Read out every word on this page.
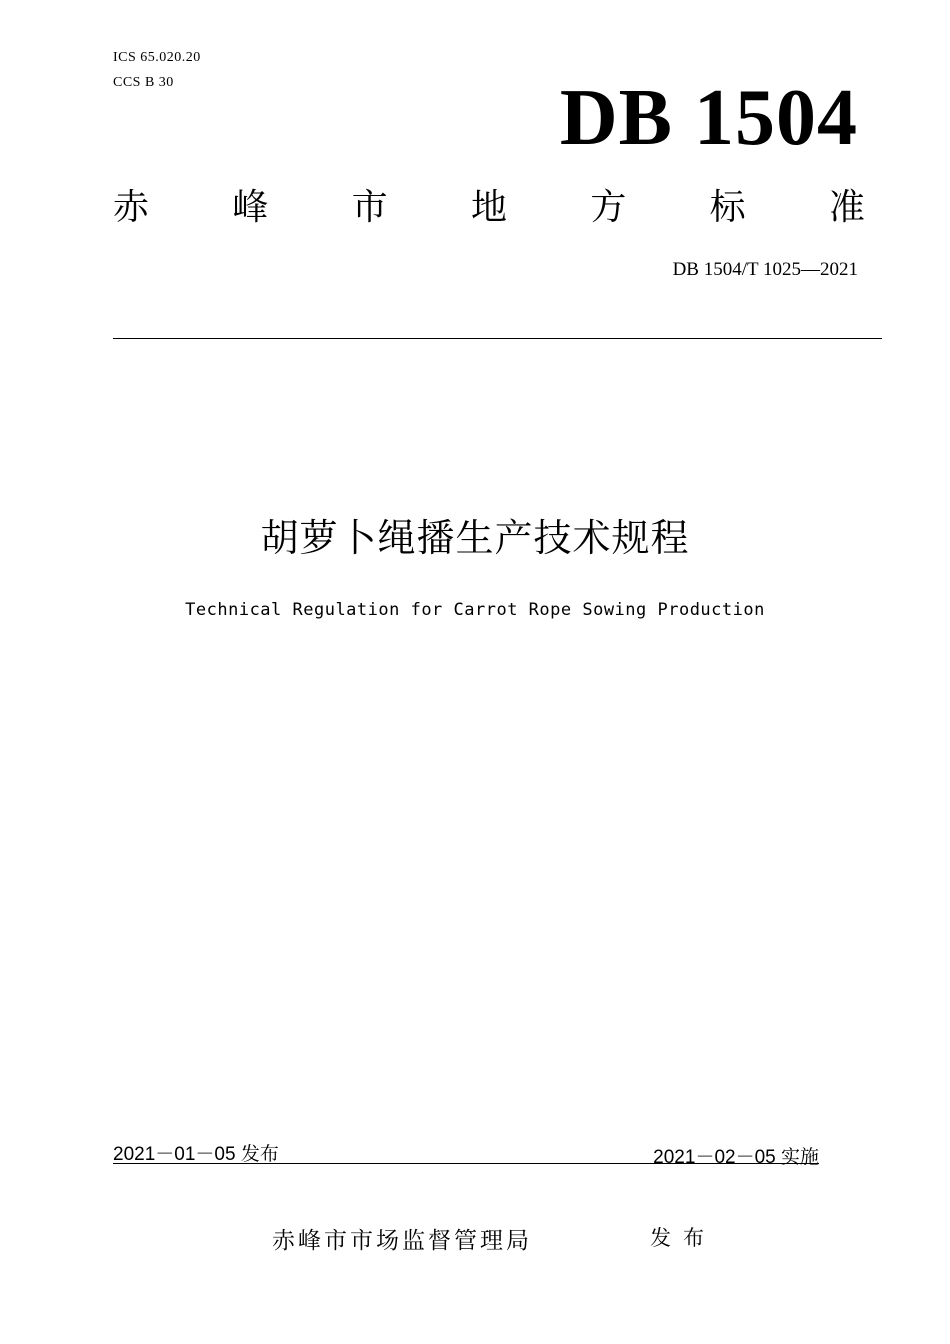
ICS 65.020.20
CCS B 30	DB 1504
赤 峰 市 地 方 标 准
DB 1504/T 1025—2021
胡萝卜绳播生产技术规程
Technical Regulation for Carrot Rope Sowing Production
2021－01－05 发布	2021－02－05 实施
赤峰市市场监督管理局	发布
